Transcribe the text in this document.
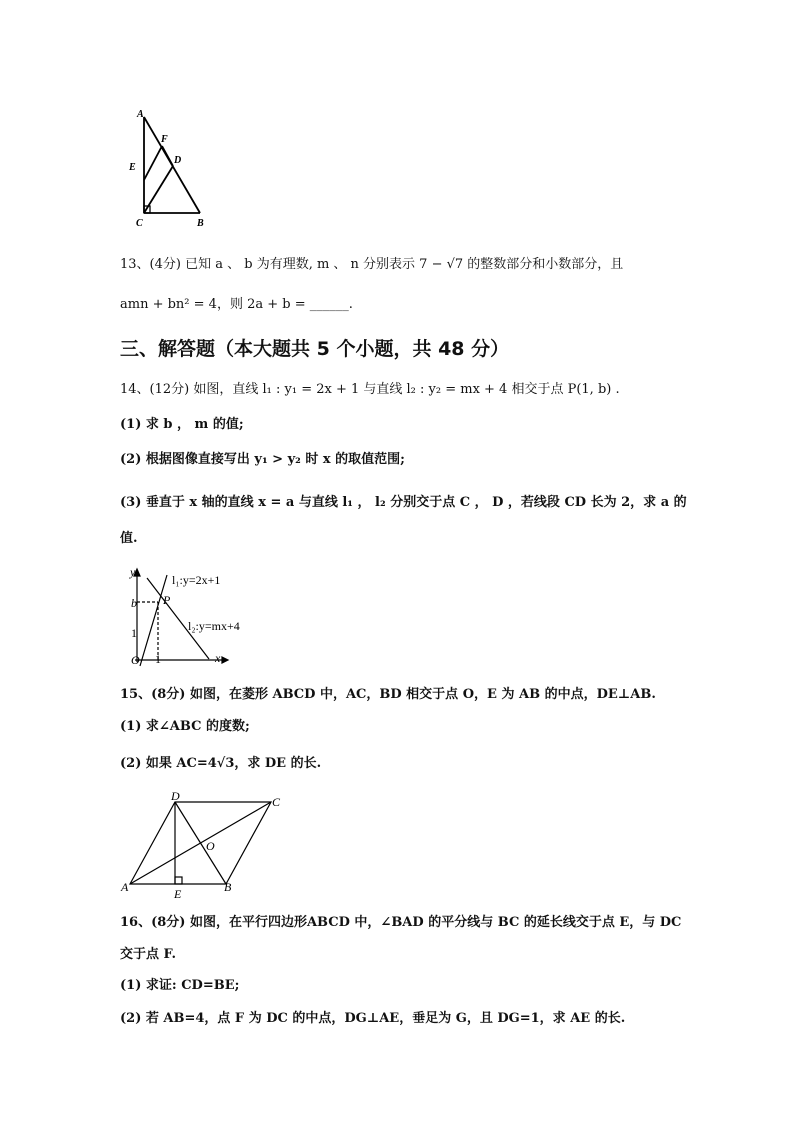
A
F
E
D
C	B
13、(4分) 已知 a 、 b 为有理数, m 、 n 分别表示 7 − √7 的整数部分和小数部分，且
amn + bn² = 4，则 2a + b = ______.
三、解答题（本大题共 5 个小题，共 48 分）
14、(12分) 如图，直线 l₁ : y₁ = 2x + 1 与直线 l₂ : y₂ = mx + 4 相交于点 P(1, b) .
(1) 求 b ， m 的值;
(2) 根据图像直接写出 y₁ > y₂ 时 x 的取值范围;
(3) 垂直于 x 轴的直线 x = a 与直线 l₁ ， l₂ 分别交于点 C ， D ，若线段 CD 长为 2，求 a 的
值.
y
x
b
1
O 1
P
l₁:y=2x+1
l₂:y=mx+4
15、(8分) 如图，在菱形 ABCD 中，AC，BD 相交于点 O，E 为 AB 的中点，DE⊥AB.
(1) 求∠ABC 的度数;
(2) 如果 AC=4√3，求 DE 的长.
D	C
O
A	E	B
16、(8分) 如图，在平行四边形ABCD 中，∠BAD 的平分线与 BC 的延长线交于点 E，与 DC
交于点 F.
(1) 求证: CD=BE;
(2) 若 AB=4，点 F 为 DC 的中点，DG⊥AE，垂足为 G，且 DG=1，求 AE 的长.
